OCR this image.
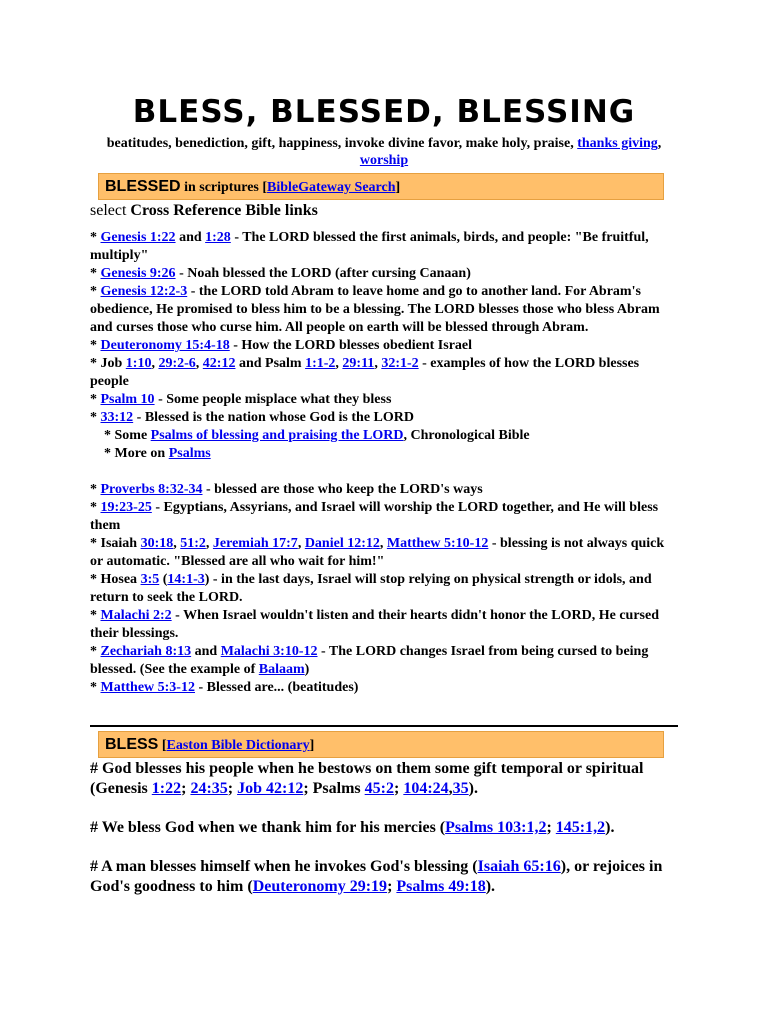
BLESS, BLESSED, BLESSING
beatitudes, benediction, gift, happiness, invoke divine favor, make holy, praise, thanks giving, worship
BLESSED in scriptures [BibleGateway Search]
select Cross Reference Bible links
* Genesis 1:22 and 1:28 - The LORD blessed the first animals, birds, and people: "Be fruitful, multiply"
* Genesis 9:26 - Noah blessed the LORD (after cursing Canaan)
* Genesis 12:2-3 - the LORD told Abram to leave home and go to another land. For Abram's obedience, He promised to bless him to be a blessing. The LORD blesses those who bless Abram and curses those who curse him. All people on earth will be blessed through Abram.
* Deuteronomy 15:4-18 - How the LORD blesses obedient Israel
* Job 1:10, 29:2-6, 42:12 and Psalm 1:1-2, 29:11, 32:1-2 - examples of how the LORD blesses people
* Psalm 10 - Some people misplace what they bless
* 33:12 - Blessed is the nation whose God is the LORD
* Some Psalms of blessing and praising the LORD, Chronological Bible
* More on Psalms
* Proverbs 8:32-34 - blessed are those who keep the LORD's ways
* 19:23-25 - Egyptians, Assyrians, and Israel will worship the LORD together, and He will bless them
* Isaiah 30:18, 51:2, Jeremiah 17:7, Daniel 12:12, Matthew 5:10-12 - blessing is not always quick or automatic. "Blessed are all who wait for him!"
* Hosea 3:5 (14:1-3) - in the last days, Israel will stop relying on physical strength or idols, and return to seek the LORD.
* Malachi 2:2 - When Israel wouldn't listen and their hearts didn't honor the LORD, He cursed their blessings.
* Zechariah 8:13 and Malachi 3:10-12 - The LORD changes Israel from being cursed to being blessed. (See the example of Balaam)
* Matthew 5:3-12 - Blessed are... (beatitudes)
BLESS [Easton Bible Dictionary]

# God blesses his people when he bestows on them some gift temporal or spiritual (Genesis 1:22; 24:35; Job 42:12; Psalms 45:2; 104:24,35).

# We bless God when we thank him for his mercies (Psalms 103:1,2; 145:1,2).

# A man blesses himself when he invokes God's blessing (Isaiah 65:16), or rejoices in God's goodness to him (Deuteronomy 29:19; Psalms 49:18).
